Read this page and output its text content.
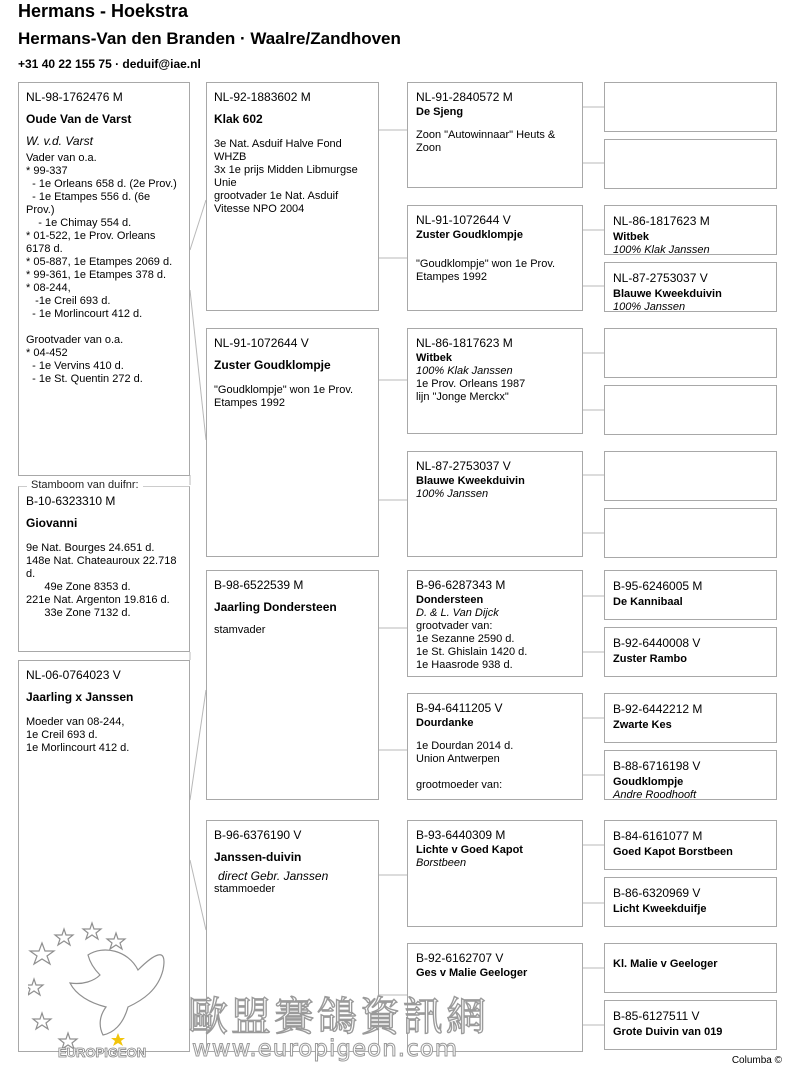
Hermans - Hoekstra
Hermans-Van den Branden · Waalre/Zandhoven
+31 40 22 155 75 · deduif@iae.nl
B-10-6323310 M
Giovanni
9e Nat. Bourges 24.651 d.
148e Nat. Chateauroux 22.718 d.
49e Zone 8353 d.
221e Nat. Argenton 19.816 d.
33e Zone 7132 d.
Stamboom van duifnr:
NL-98-1762476 M
Oude Van de Varst
W. v.d. Varst
Vader van o.a.
* 99-337
- 1e Orleans 658 d. (2e Prov.)
- 1e Etampes 556 d. (6e Prov.)
- 1e Chimay 554 d.
* 01-522, 1e Prov. Orleans 6178 d.
* 05-887, 1e Etampes 2069 d.
* 99-361, 1e Etampes 378 d.
* 08-244,
-1e Creil 693 d.
- 1e Morlincourt 412 d.

Grootvader van o.a.
* 04-452
- 1e Vervins 410 d.
- 1e St. Quentin 272 d.
NL-06-0764023 V
Jaarling x Janssen
Moeder van 08-244,
1e Creil 693 d.
1e Morlincourt 412 d.
NL-92-1883602 M
Klak 602
3e Nat. Asduif Halve Fond WHZB
3x 1e prijs Midden Libmurgse Unie
grootvader 1e Nat. Asduif Vitesse NPO 2004
NL-91-1072644 V
Zuster Goudklompje
"Goudklompje" won 1e Prov. Etampes 1992
B-98-6522539 M
Jaarling Dondersteen
stamvader
B-96-6376190 V
Janssen-duivin
direct Gebr. Janssen
stammoeder
NL-91-2840572 M
De Sjeng
Zoon "Autowinnaar" Heuts & Zoon
NL-91-1072644 V
Zuster Goudklompje
"Goudklompje" won 1e Prov. Etampes 1992
NL-86-1817623 M
Witbek
100% Klak Janssen
1e Prov. Orleans 1987
lijn "Jonge Merckx"
NL-87-2753037 V
Blauwe Kweekduivin
100% Janssen
B-96-6287343 M
Dondersteen
D. & L. Van Dijck
grootvader van:
1e Sezanne 2590 d.
1e St. Ghislain 1420 d.
1e Haasrode 938 d.
B-94-6411205 V
Dourdanke
1e Dourdan 2014 d.
Union Antwerpen

grootmoeder van:
B-93-6440309 M
Lichte v Goed Kapot
Borstbeen
B-92-6162707 V
Ges v Malie Geeloger
NL-86-1817623 M
Witbek
100% Klak Janssen
NL-87-2753037 V
Blauwe Kweekduivin
100% Janssen
B-95-6246005 M
De Kannibaal
B-92-6440008 V
Zuster Rambo
B-92-6442212 M
Zwarte Kes
B-88-6716198 V
Goudklompje
Andre Roodhooft
B-84-6161077 M
Goed Kapot Borstbeen
B-86-6320969 V
Licht Kweekduifje
Kl. Malie v Geeloger
B-85-6127511 V
Grote Duivin van 019
歐盟賽鴿資訊網
www.europigeon.com
EUROPIGEON
Columba ©
